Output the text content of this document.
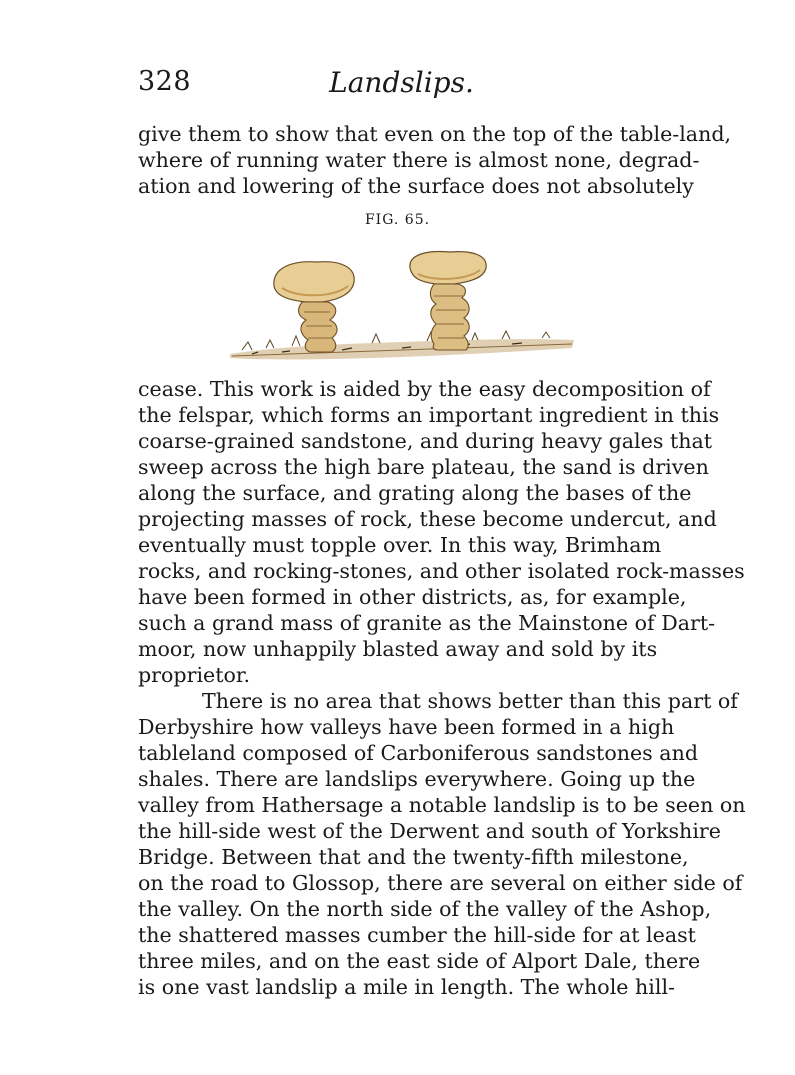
328	Landslips.
give them to show that even on the top of the table-land,
where of running water there is almost none, degrad-
ation and lowering of the surface does not absolutely
FIG. 65.
cease. This work is aided by the easy decomposition of
the felspar, which forms an important ingredient in this
coarse-grained sandstone, and during heavy gales that
sweep across the high bare plateau, the sand is driven
along the surface, and grating along the bases of the
projecting masses of rock, these become undercut, and
eventually must topple over. In this way, Brimham
rocks, and rocking-stones, and other isolated rock-masses
have been formed in other districts, as, for example,
such a grand mass of granite as the Mainstone of Dart-
moor, now unhappily blasted away and sold by its
proprietor.
There is no area that shows better than this part of
Derbyshire how valleys have been formed in a high
tableland composed of Carboniferous sandstones and
shales. There are landslips everywhere. Going up the
valley from Hathersage a notable landslip is to be seen on
the hill-side west of the Derwent and south of Yorkshire
Bridge. Between that and the twenty-fifth milestone,
on the road to Glossop, there are several on either side of
the valley. On the north side of the valley of the Ashop,
the shattered masses cumber the hill-side for at least
three miles, and on the east side of Alport Dale, there
is one vast landslip a mile in length. The whole hill-
